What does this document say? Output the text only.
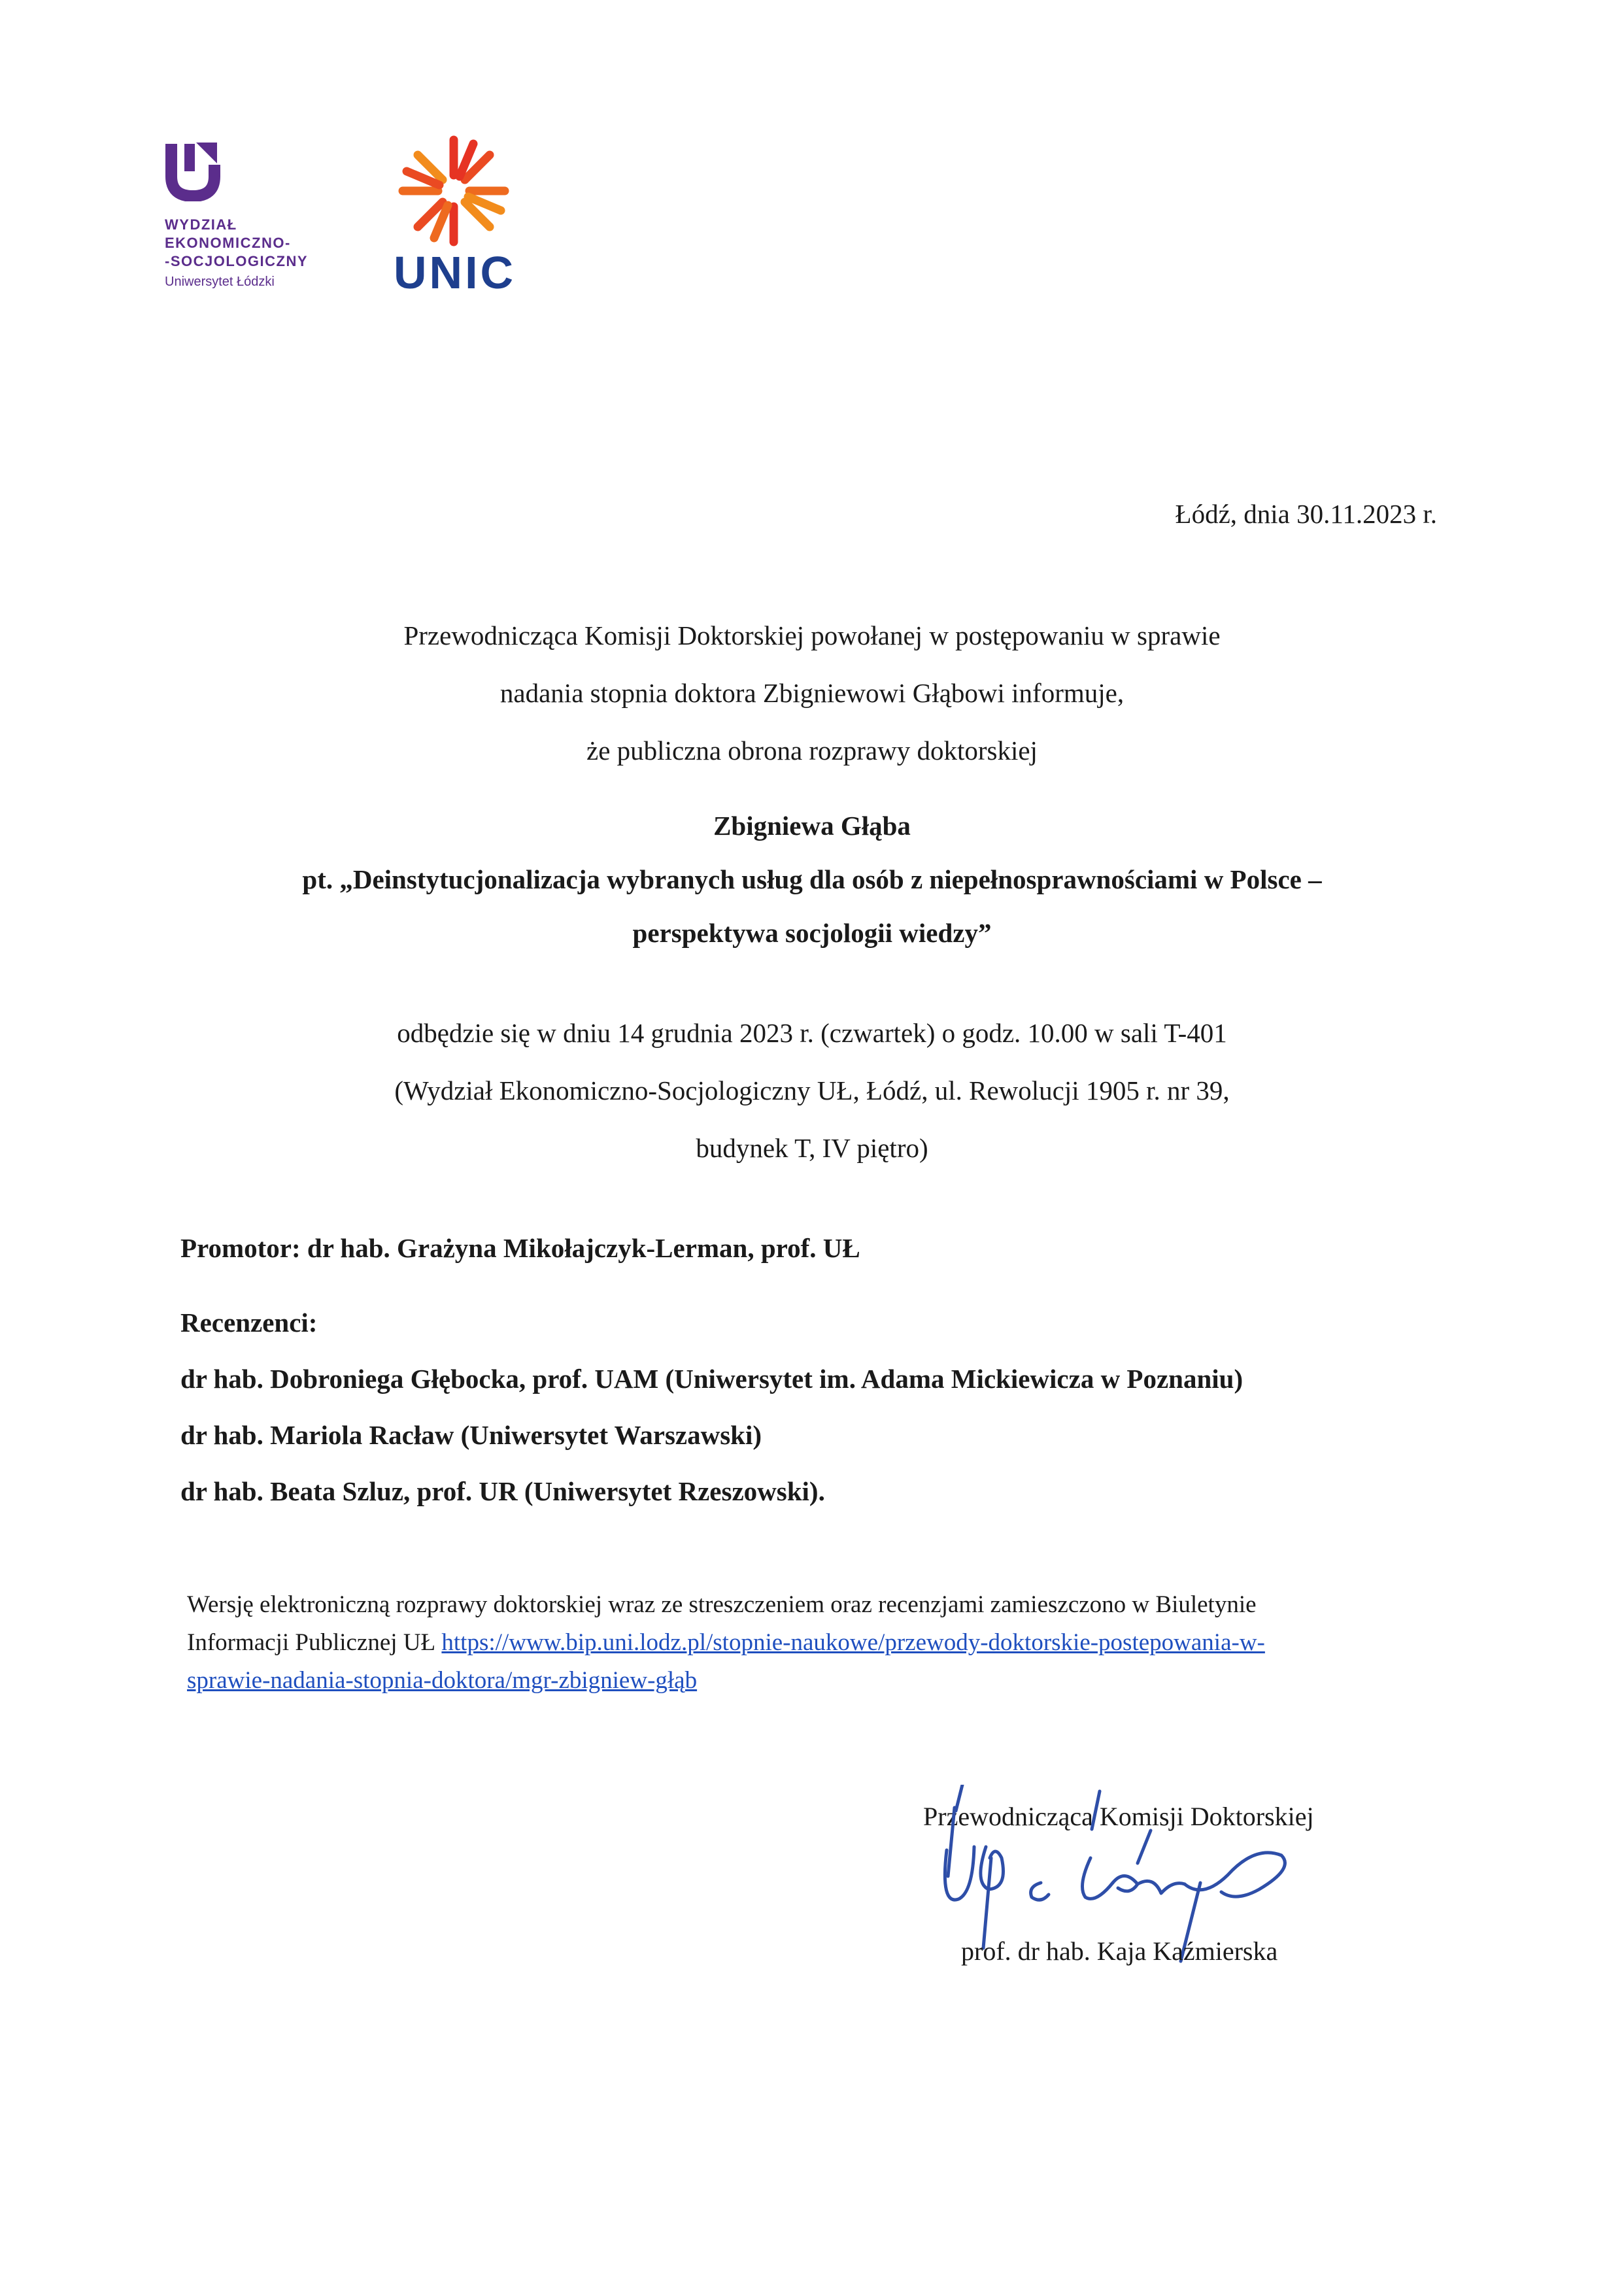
WYDZIAŁ
EKONOMICZNO-
-SOCJOLOGICZNY
Uniwersytet Łódzki	UNIC
Łódź, dnia 30.11.2023 r.
Przewodnicząca Komisji Doktorskiej powołanej w postępowaniu w sprawie
nadania stopnia doktora Zbigniewowi Głąbowi informuje,
że publiczna obrona rozprawy doktorskiej
Zbigniewa Głąba
pt. „Deinstytucjonalizacja wybranych usług dla osób z niepełnosprawnościami w Polsce –
perspektywa socjologii wiedzy”
odbędzie się w dniu 14 grudnia 2023 r. (czwartek) o godz. 10.00 w sali T-401
(Wydział Ekonomiczno-Socjologiczny UŁ, Łódź, ul. Rewolucji 1905 r. nr 39,
budynek T, IV piętro)
Promotor: dr hab. Grażyna Mikołajczyk-Lerman, prof. UŁ
Recenzenci:
dr hab. Dobroniega Głębocka, prof. UAM (Uniwersytet im. Adama Mickiewicza w Poznaniu)
dr hab. Mariola Racław (Uniwersytet Warszawski)
dr hab. Beata Szluz, prof. UR (Uniwersytet Rzeszowski).
Wersję elektroniczną rozprawy doktorskiej wraz ze streszczeniem oraz recenzjami zamieszczono w Biuletynie
Informacji Publicznej UŁ https://www.bip.uni.lodz.pl/stopnie-naukowe/przewody-doktorskie-postepowania-w-
sprawie-nadania-stopnia-doktora/mgr-zbigniew-głąb
Przewodnicząca Komisji Doktorskiej
prof. dr hab. Kaja Kaźmierska
